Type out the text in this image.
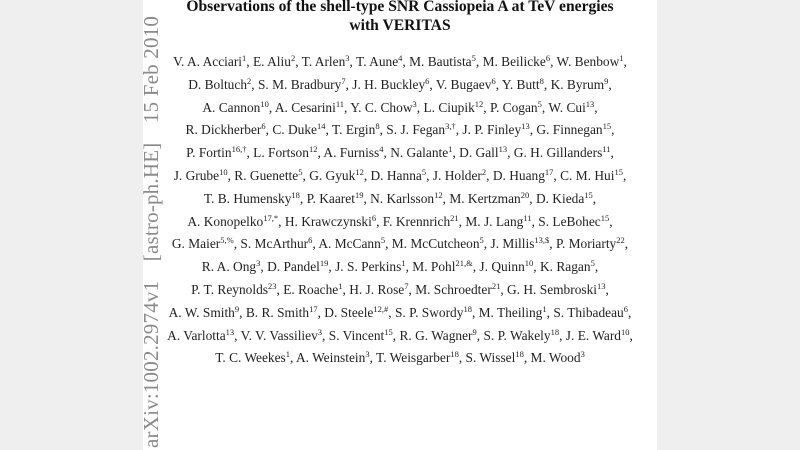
arXiv:1002.2974v1 [astro-ph.HE] 15 Feb 2010
Observations of the shell-type SNR Cassiopeia A at TeV energies
with VERITAS
V. A. Acciari$^1$, E. Aliu$^2$, T. Arlen$^3$, T. Aune$^4$, M. Bautista$^5$, M. Beilicke$^6$, W. Benbow$^1$,
D. Boltuch$^2$, S. M. Bradbury$^7$, J. H. Buckley$^6$, V. Bugaev$^6$, Y. Butt$^8$, K. Byrum$^9$,
A. Cannon$^{10}$, A. Cesarini$^{11}$, Y. C. Chow$^3$, L. Ciupik$^{12}$, P. Cogan$^5$, W. Cui$^{13}$,
R. Dickherber$^6$, C. Duke$^{14}$, T. Ergin$^8$, S. J. Fegan$^{3,\dagger}$, J. P. Finley$^{13}$, G. Finnegan$^{15}$,
P. Fortin$^{16,\dagger}$, L. Fortson$^{12}$, A. Furniss$^4$, N. Galante$^1$, D. Gall$^{13}$, G. H. Gillanders$^{11}$,
J. Grube$^{10}$, R. Guenette$^5$, G. Gyuk$^{12}$, D. Hanna$^5$, J. Holder$^2$, D. Huang$^{17}$, C. M. Hui$^{15}$,
T. B. Humensky$^{18}$, P. Kaaret$^{19}$, N. Karlsson$^{12}$, M. Kertzman$^{20}$, D. Kieda$^{15}$,
A. Konopelko$^{17,*}$, H. Krawczynski$^6$, F. Krennrich$^{21}$, M. J. Lang$^{11}$, S. LeBohec$^{15}$,
G. Maier$^{5,\%}$, S. McArthur$^6$, A. McCann$^5$, M. McCutcheon$^5$, J. Millis$^{13,\$}$, P. Moriarty$^{22}$,
R. A. Ong$^3$, D. Pandel$^{19}$, J. S. Perkins$^1$, M. Pohl$^{21,\&}$, J. Quinn$^{10}$, K. Ragan$^5$,
P. T. Reynolds$^{23}$, E. Roache$^1$, H. J. Rose$^7$, M. Schroedter$^{21}$, G. H. Sembroski$^{13}$,
A. W. Smith$^9$, B. R. Smith$^{17}$, D. Steele$^{12,\#}$, S. P. Swordy$^{18}$, M. Theiling$^1$, S. Thibadeau$^6$,
A. Varlotta$^{13}$, V. V. Vassiliev$^3$, S. Vincent$^{15}$, R. G. Wagner$^9$, S. P. Wakely$^{18}$, J. E. Ward$^{10}$,
T. C. Weekes$^1$, A. Weinstein$^3$, T. Weisgarber$^{18}$, S. Wissel$^{18}$, M. Wood$^3$
